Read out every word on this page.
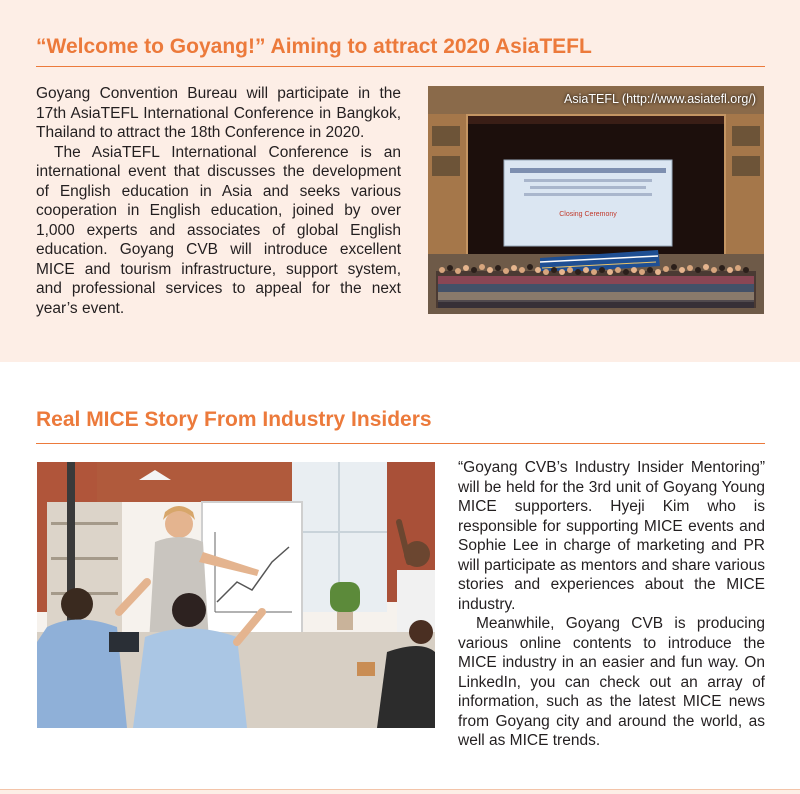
“Welcome to Goyang!” Aiming to attract 2020 AsiaTEFL

Goyang Convention Bureau will participate in the 17th AsiaTEFL International Conference in Bangkok, Thailand to attract the 18th Conference in 2020.

The AsiaTEFL International Conference is an international event that discusses the development of English education in Asia and seeks various cooperation in English education, joined by over 1,000 experts and associates of global English education. Goyang CVB will introduce excellent MICE and tourism infrastructure, support system, and professional services to appeal for the next year’s event.

Closing Ceremony
AsiaTEFL (http://www.asiatefl.org/)
Real MICE Story From Industry Insiders

“Goyang CVB’s Industry Insider Mentoring” will be held for the 3rd unit of Goyang Young MICE supporters. Hyeji Kim who is responsible for supporting MICE events and Sophie Lee in charge of marketing and PR will participate as mentors and share various stories and experiences about the MICE industry.

Meanwhile, Goyang CVB is producing various online contents to introduce the MICE industry in an easier and fun way. On LinkedIn, you can check out an array of information, such as the latest MICE news from Goyang city and around the world, as well as MICE trends.
